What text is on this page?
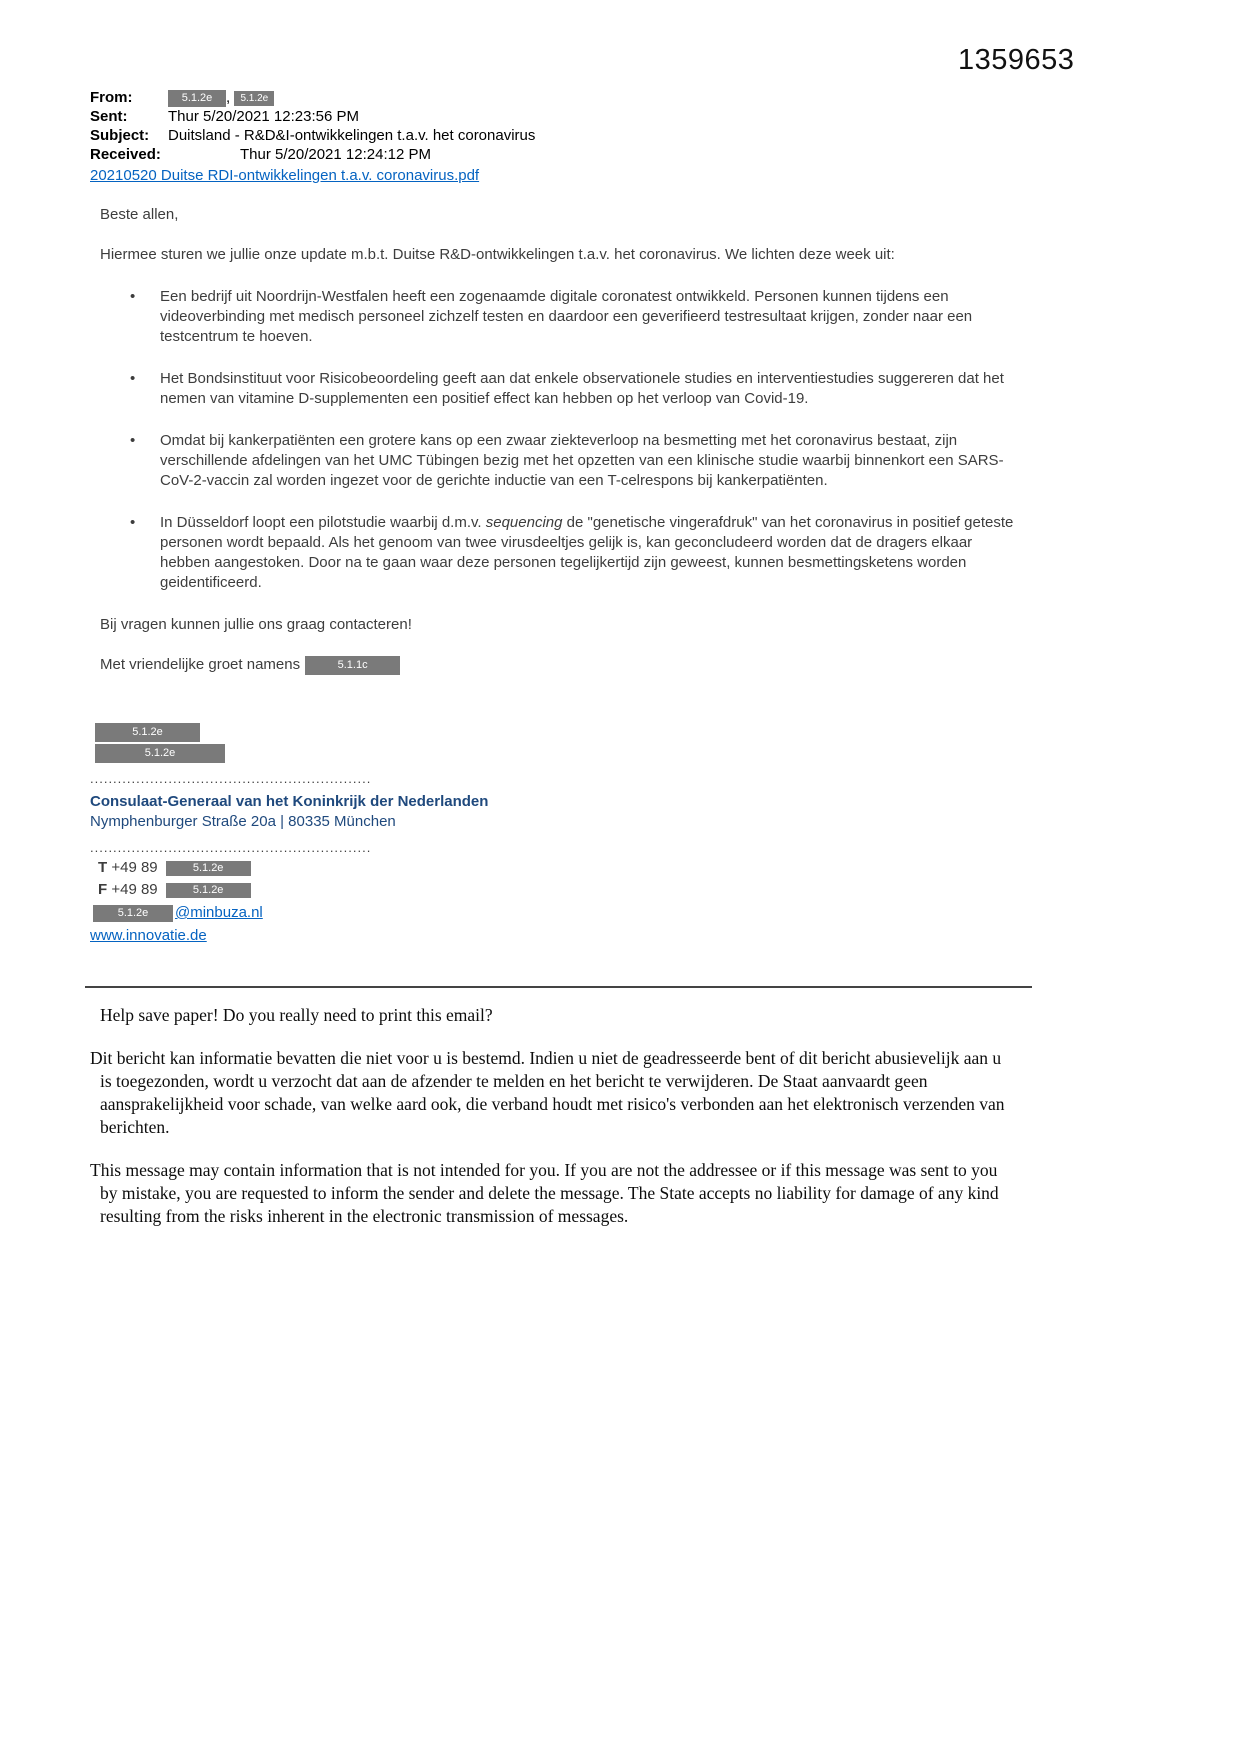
1359653
From:	5.1.2e , 5.1.2e
Sent:	Thur 5/20/2021 12:23:56 PM
Subject:	Duitsland - R&D&I-ontwikkelingen t.a.v. het coronavirus
Received:	Thur 5/20/2021 12:24:12 PM
20210520 Duitse RDI-ontwikkelingen t.a.v. coronavirus.pdf

Beste allen,

Hiermee sturen we jullie onze update m.b.t. Duitse R&D-ontwikkelingen t.a.v. het coronavirus. We lichten deze week uit:

• Een bedrijf uit Noordrijn-Westfalen heeft een zogenaamde digitale coronatest ontwikkeld. Personen kunnen tijdens een videoverbinding met medisch personeel zichzelf testen en daardoor een geverifieerd testresultaat krijgen, zonder naar een testcentrum te hoeven.
• Het Bondsinstituut voor Risicobeoordeling geeft aan dat enkele observationele studies en interventiestudies suggereren dat het nemen van vitamine D-supplementen een positief effect kan hebben op het verloop van Covid-19.
• Omdat bij kankerpatiënten een grotere kans op een zwaar ziekteverloop na besmetting met het coronavirus bestaat, zijn verschillende afdelingen van het UMC Tübingen bezig met het opzetten van een klinische studie waarbij binnenkort een SARS-CoV-2-vaccin zal worden ingezet voor de gerichte inductie van een T-celrespons bij kankerpatiënten.
• In Düsseldorf loopt een pilotstudie waarbij d.m.v. sequencing de "genetische vingerafdruk" van het coronavirus in positief geteste personen wordt bepaald. Als het genoom van twee virusdeeltjes gelijk is, kan geconcludeerd worden dat de dragers elkaar hebben aangestoken. Door na te gaan waar deze personen tegelijkertijd zijn geweest, kunnen besmettingsketens worden geidentificeerd.

Bij vragen kunnen jullie ons graag contacteren!

Met vriendelijke groet namens	5.1.1c

5.1.2e
5.1.2e
.............................................................
Consulaat-Generaal van het Koninkrijk der Nederlanden
Nymphenburger Straße 20a | 80335 München
.............................................................
T +49 89	5.1.2e
F +49 89	5.1.2e
5.1.2e @minbuza.nl
www.innovatie.de

Help save paper! Do you really need to print this email?

Dit bericht kan informatie bevatten die niet voor u is bestemd. Indien u niet de geadresseerde bent of dit bericht abusievelijk aan u is toegezonden, wordt u verzocht dat aan de afzender te melden en het bericht te verwijderen. De Staat aanvaardt geen aansprakelijkheid voor schade, van welke aard ook, die verband houdt met risico's verbonden aan het elektronisch verzenden van berichten.

This message may contain information that is not intended for you. If you are not the addressee or if this message was sent to you by mistake, you are requested to inform the sender and delete the message. The State accepts no liability for damage of any kind resulting from the risks inherent in the electronic transmission of messages.
